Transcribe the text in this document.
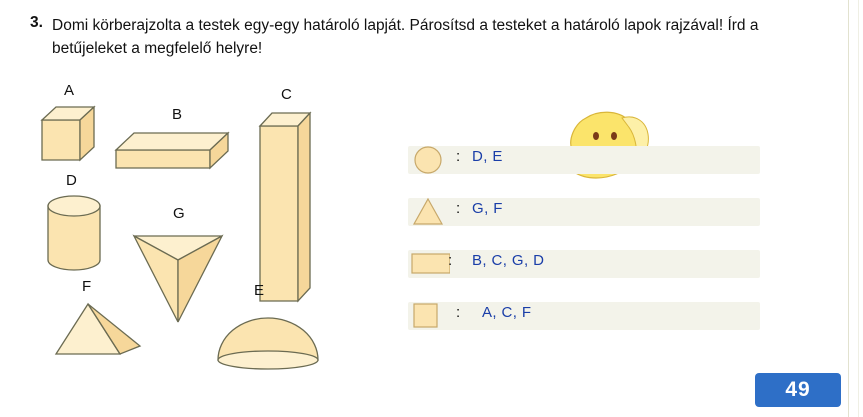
3. Domi körberajzolta a testek egy-egy határoló lapját. Párosítsd a testeket a határoló lapok rajzával! Írd a betűjeleket a megfelelő helyre!
A
B
C
D
G
F	E
: D, E
: G, F
: B, C, G, D
: A, C, F
49
